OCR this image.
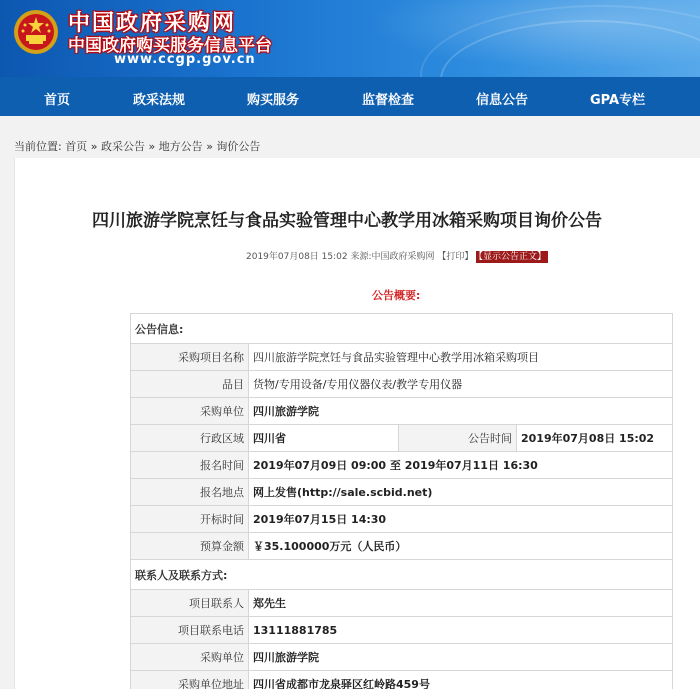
中国政府采购网
中国政府购买服务信息平台
www.ccgp.gov.cn
首页	政采法规	购买服务	监督检查	信息公告	GPA专栏
当前位置: 首页 » 政采公告 » 地方公告 » 询价公告
四川旅游学院烹饪与食品实验管理中心教学用冰箱采购项目询价公告
2019年07月08日 15:02 来源:中国政府采购网 【打印】 【显示公告正文】
公告概要:
公告信息:			
采购项目名称	四川旅游学院烹饪与食品实验管理中心教学用冰箱采购项目		
品目	货物/专用设备/专用仪器仪表/教学专用仪器		
采购单位	四川旅游学院		
行政区域	四川省	公告时间	2019年07月08日 15:02
报名时间	2019年07月09日 09:00 至 2019年07月11日 16:30		
报名地点	网上发售(http://sale.scbid.net)		
开标时间	2019年07月15日 14:30		
预算金额	￥35.100000万元（人民币）		
联系人及联系方式:			
项目联系人	郑先生		
项目联系电话	13111881785		
采购单位	四川旅游学院		
采购单位地址	四川省成都市龙泉驿区红岭路459号		
